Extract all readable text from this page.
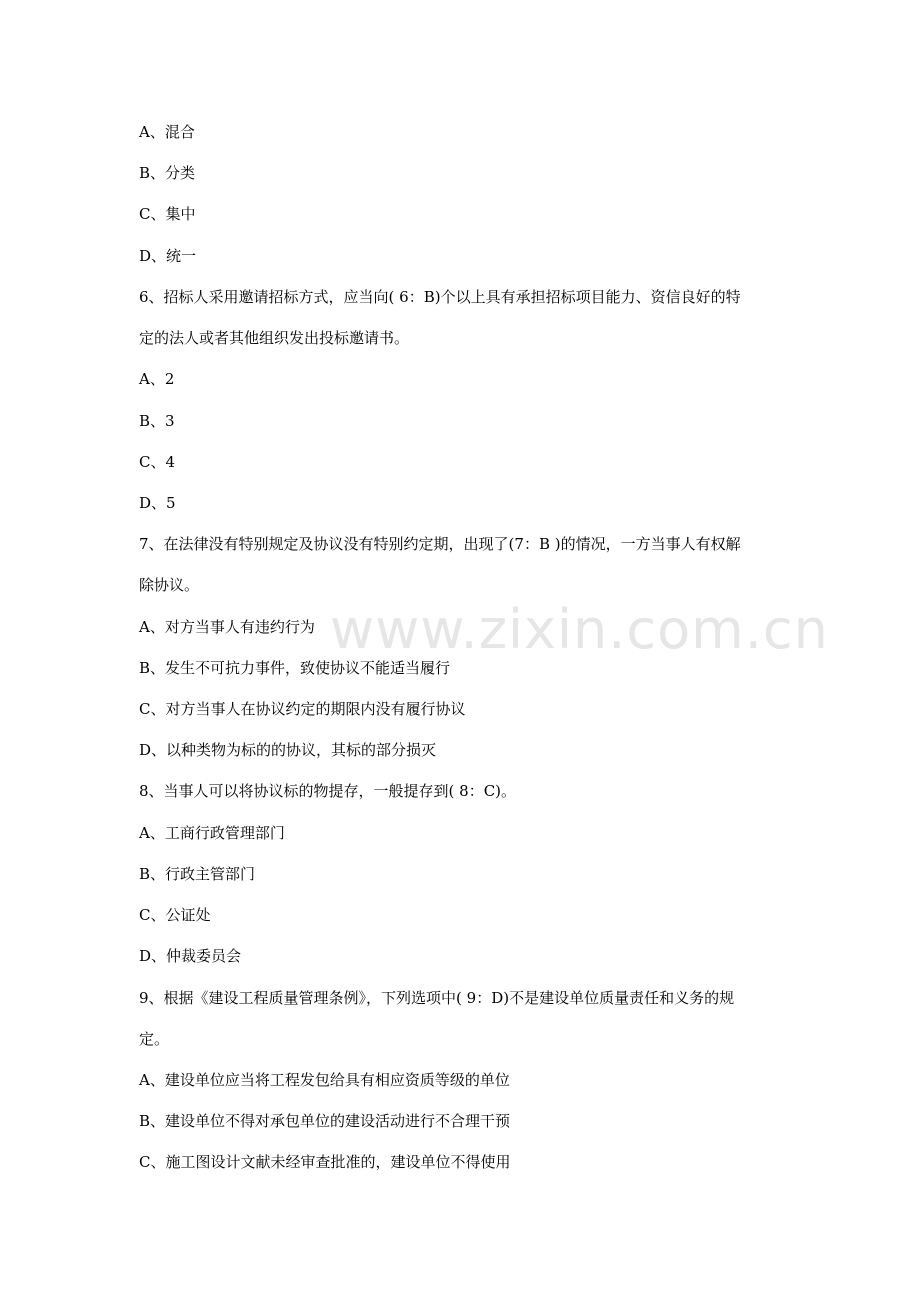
www.zixin.com.cn
A、混合
B、分类
C、集中
D、统一
6、招标人采用邀请招标方式，应当向( 6：B)个以上具有承担招标项目能力、资信良好的特
定的法人或者其他组织发出投标邀请书。
A、2
B、3
C、4
D、5
7、在法律没有特别规定及协议没有特别约定期，出现了(7：B )的情况，一方当事人有权解
除协议。
A、对方当事人有违约行为
B、发生不可抗力事件，致使协议不能适当履行
C、对方当事人在协议约定的期限内没有履行协议
D、以种类物为标的的协议，其标的部分损灭
8、当事人可以将协议标的物提存，一般提存到( 8：C)。
A、工商行政管理部门
B、行政主管部门
C、公证处
D、仲裁委员会
9、根据《建设工程质量管理条例》，下列选项中( 9：D)不是建设单位质量责任和义务的规
定。
A、建设单位应当将工程发包给具有相应资质等级的单位
B、建设单位不得对承包单位的建设活动进行不合理干预
C、施工图设计文献未经审查批准的，建设单位不得使用
